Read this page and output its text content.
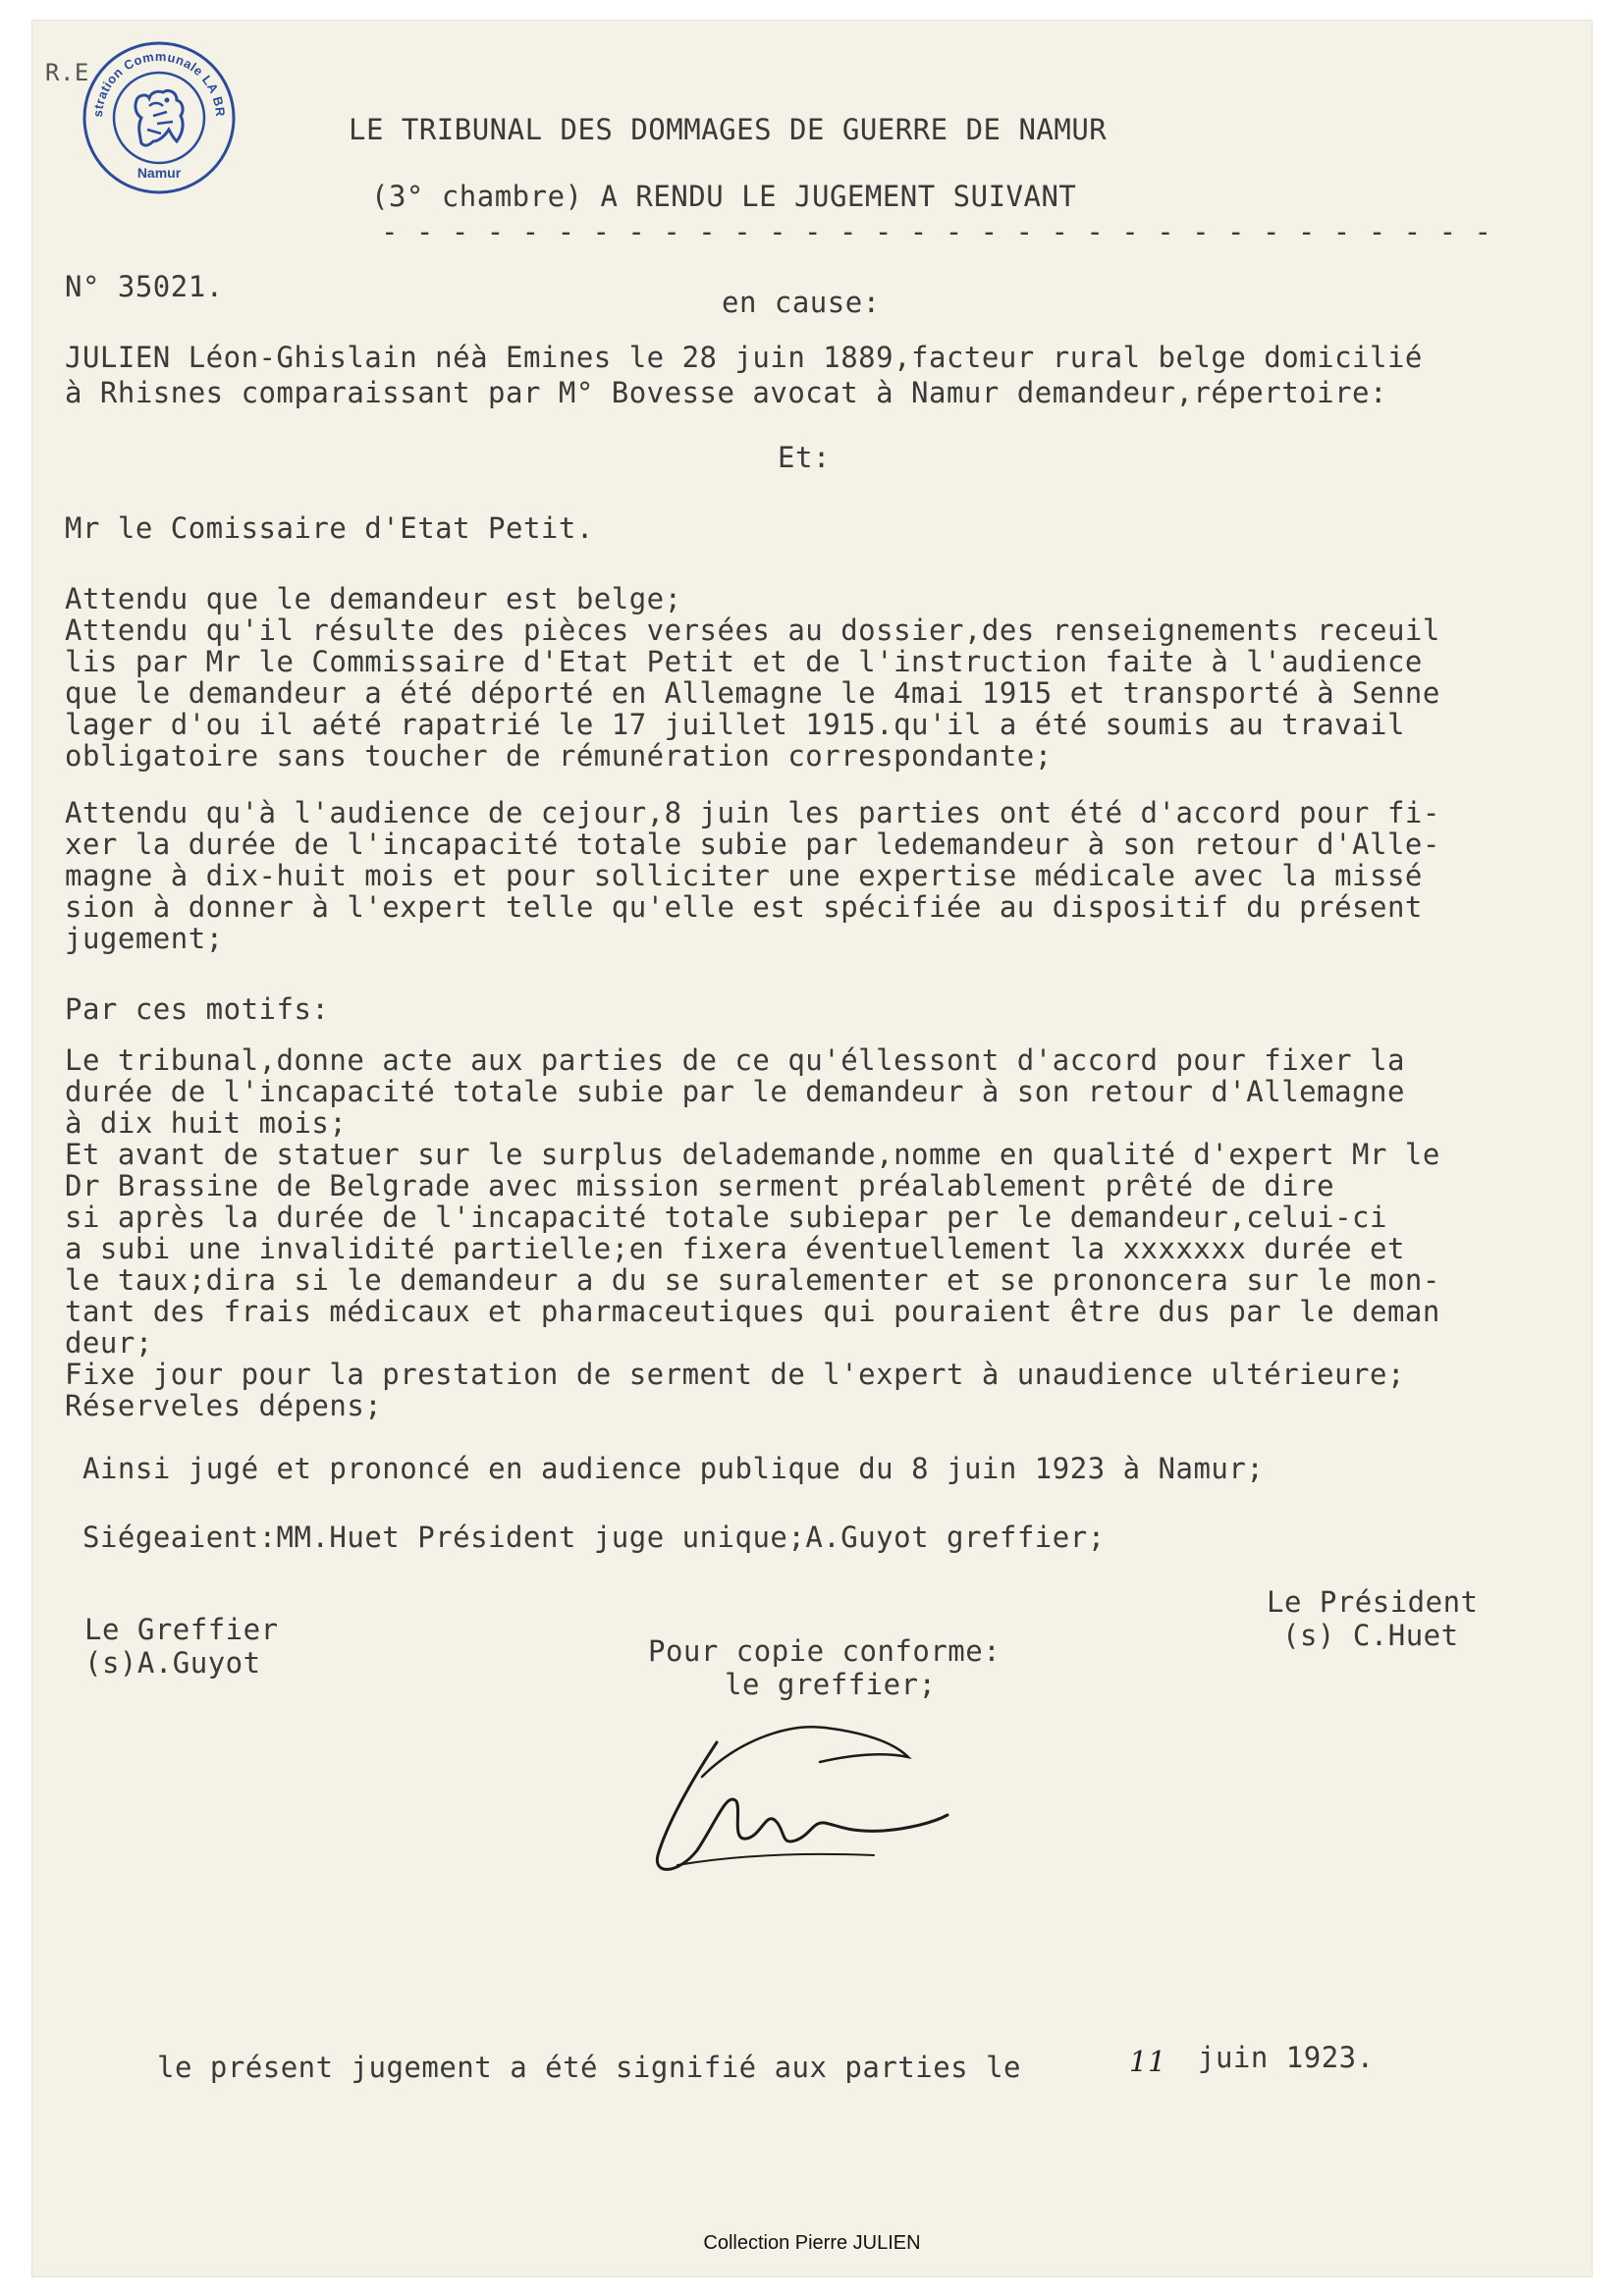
R.E
stration Communale LA BR
Namur
LE TRIBUNAL DES DOMMAGES DE GUERRE DE NAMUR
(3° chambre) A RENDU LE JUGEMENT SUIVANT
- - - - - - - - - - - - - - - - - - - - - - - - - - - - - - - -
N° 35021.	en cause:
JULIEN Léon-Ghislain néà Emines le 28 juin 1889,facteur rural belge domicilié
à Rhisnes comparaissant par M° Bovesse avocat à Namur demandeur,répertoire:
Et:
Mr le Comissaire d'Etat Petit.
Attendu que le demandeur est belge;
Attendu qu'il résulte des pièces versées au dossier,des renseignements receuil
lis par Mr le Commissaire d'Etat Petit et de l'instruction faite à l'audience
que le demandeur a été déporté en Allemagne le 4mai 1915 et transporté à Senne
lager d'ou il aété rapatrié le 17 juillet 1915.qu'il a été soumis au travail
obligatoire sans toucher de rémunération correspondante;
Attendu qu'à l'audience de cejour,8 juin les parties ont été d'accord pour fi-
xer la durée de l'incapacité totale subie par ledemandeur à son retour d'Alle-
magne à dix-huit mois et pour solliciter une expertise médicale avec la missé
sion à donner à l'expert telle qu'elle est spécifiée au dispositif du présent
jugement;
Par ces motifs:
Le tribunal,donne acte aux parties de ce qu'éllessont d'accord pour fixer la
durée de l'incapacité totale subie par le demandeur à son retour d'Allemagne
à dix huit mois;
Et avant de statuer sur le surplus delademande,nomme en qualité d'expert Mr le
Dr Brassine de Belgrade avec mission serment préalablement prêté de dire
si après la durée de l'incapacité totale subiepar per le demandeur,celui-ci
a subi une invalidité partielle;en fixera éventuellement la xxxxxxx durée et
le taux;dira si le demandeur a du se suralementer et se prononcera sur le mon-
tant des frais médicaux et pharmaceutiques qui pouraient être dus par le deman
deur;
Fixe jour pour la prestation de serment de l'expert à unaudience ultérieure;
Réserveles dépens;
Ainsi jugé et prononcé en audience publique du 8 juin 1923 à Namur;
Siégeaient:MM.Huet Président juge unique;A.Guyot greffier;
Le Président
(s) C.Huet
Le Greffier
(s)A.Guyot	Pour copie conforme:
le greffier;
le présent jugement a été signifié aux parties le	11 juin 1923.
Collection Pierre JULIEN
